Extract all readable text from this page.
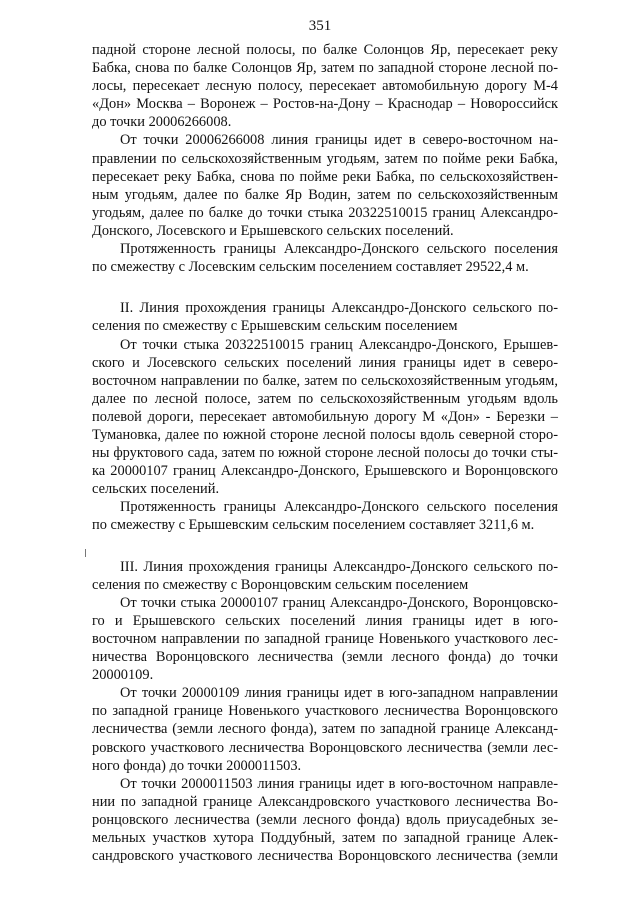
351
падной стороне лесной полосы, по балке Солонцов Яр, пересекает реку
Бабка, снова по балке Солонцов Яр, затем по западной стороне лесной по-
лосы, пересекает лесную полосу, пересекает автомобильную дорогу М-4
«Дон» Москва – Воронеж – Ростов-на-Дону – Краснодар – Новороссийск
до точки 20006266008.
От точки 20006266008 линия границы идет в северо-восточном на-
правлении по сельскохозяйственным угодьям, затем по пойме реки Бабка,
пересекает реку Бабка, снова по пойме реки Бабка, по сельскохозяйствен-
ным угодьям, далее по балке Яр Водин, затем по сельскохозяйственным
угодьям, далее по балке до точки стыка 20322510015 границ Александро-
Донского, Лосевского и Ерышевского сельских поселений.
Протяженность границы Александро-Донского сельского поселения
по смежеству с Лосевским сельским поселением составляет 29522,4 м.
II. Линия прохождения границы Александро-Донского сельского по-
селения по смежеству с Ерышевским сельским поселением
От точки стыка 20322510015 границ Александро-Донского, Ерышев-
ского и Лосевского сельских поселений линия границы идет в северо-
восточном направлении по балке, затем по сельскохозяйственным угодьям,
далее по лесной полосе, затем по сельскохозяйственным угодьям вдоль
полевой дороги, пересекает автомобильную дорогу М «Дон» - Березки –
Тумановка, далее по южной стороне лесной полосы вдоль северной сторо-
ны фруктового сада, затем по южной стороне лесной полосы до точки сты-
ка 20000107 границ Александро-Донского, Ерышевского и Воронцовского
сельских поселений.
Протяженность границы Александро-Донского сельского поселения
по смежеству с Ерышевским сельским поселением составляет 3211,6 м.
III. Линия прохождения границы Александро-Донского сельского по-
селения по смежеству с Воронцовским сельским поселением
От точки стыка 20000107 границ Александро-Донского, Воронцовско-
го и Ерышевского сельских поселений линия границы идет в юго-
восточном направлении по западной границе Новенького участкового лес-
ничества Воронцовского лесничества (земли лесного фонда) до точки
20000109.
От точки 20000109 линия границы идет в юго-западном направлении
по западной границе Новенького участкового лесничества Воронцовского
лесничества (земли лесного фонда), затем по западной границе Александ-
ровского участкового лесничества Воронцовского лесничества (земли лес-
ного фонда) до точки 2000011503.
От точки 2000011503 линия границы идет в юго-восточном направле-
нии по западной границе Александровского участкового лесничества Во-
ронцовского лесничества (земли лесного фонда) вдоль приусадебных зе-
мельных участков хутора Поддубный, затем по западной границе Алек-
сандровского участкового лесничества Воронцовского лесничества (земли
